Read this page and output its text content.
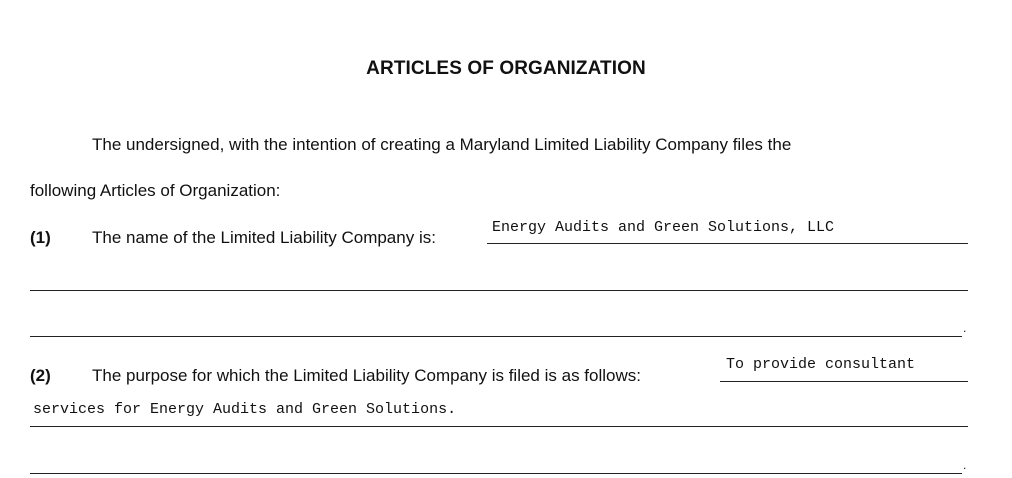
ARTICLES OF ORGANIZATION
The undersigned, with the intention of creating a Maryland Limited Liability Company files the
following Articles of Organization:
(1) The name of the Limited Liability Company is:
Energy Audits and Green Solutions, LLC
.
(2) The purpose for which the Limited Liability Company is filed is as follows:
To provide consultant
services for Energy Audits and Green Solutions.
.
